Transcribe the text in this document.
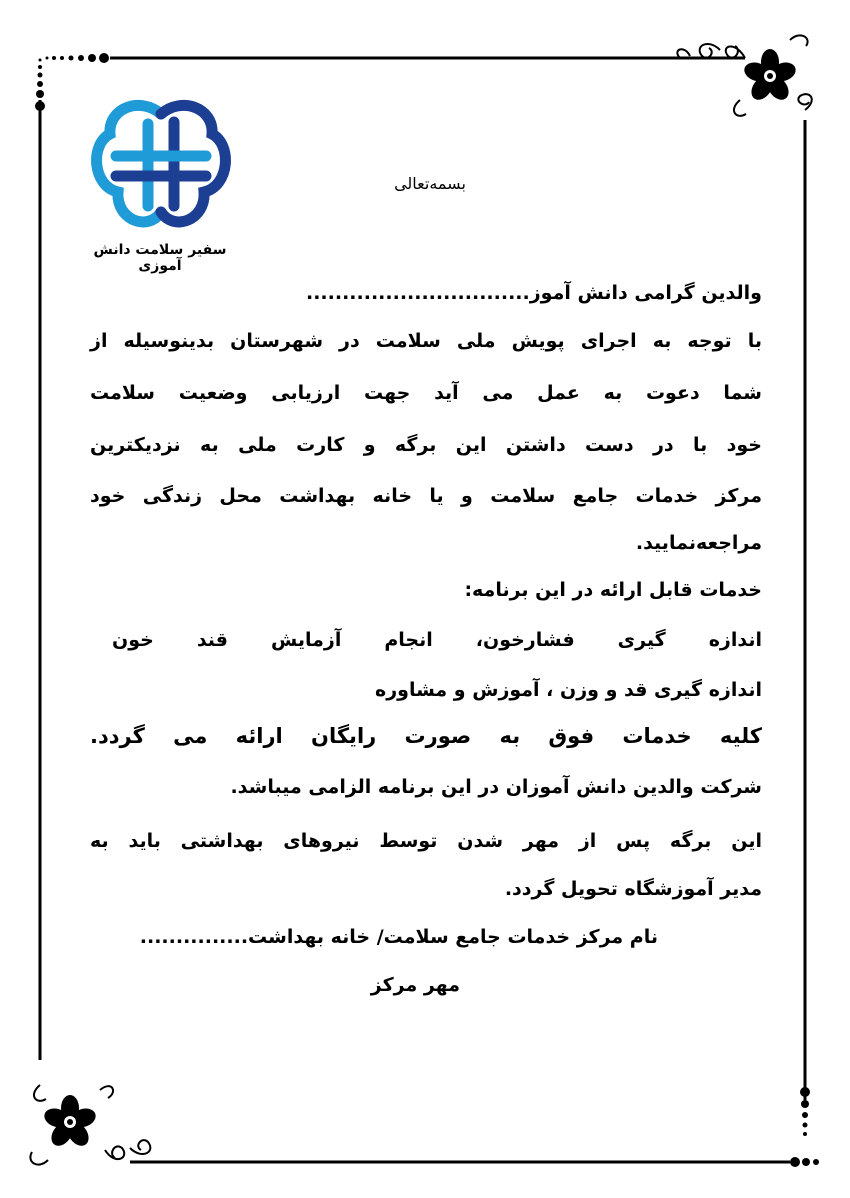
سفیر سلامت دانش آموزی
بسمه‌تعالی
والدین گرامی دانش آموز...............................
با توجه به اجرای پویش ملی سلامت در شهرستان بدینوسیله از
شما دعوت به عمل می آید جهت ارزیابی وضعیت سلامت
خود با در دست داشتن این برگه و کارت ملی به نزدیکترین
مرکز خدمات جامع سلامت و یا خانه بهداشت محل زندگی خود
مراجعه‌نمایید.
خدمات قابل ارائه در این برنامه:
اندازه گیری فشارخون، انجام آزمایش قند خون
اندازه گیری قد و وزن ، آموزش و مشاوره
کلیه خدمات فوق به صورت رایگان ارائه می گردد.
شرکت والدین دانش آموزان در این برنامه الزامی میباشد.
این برگه پس از مهر شدن توسط نیروهای بهداشتی باید به
مدیر آموزشگاه تحویل گردد.
نام مرکز خدمات جامع سلامت/ خانه بهداشت...............
مهر مرکز
